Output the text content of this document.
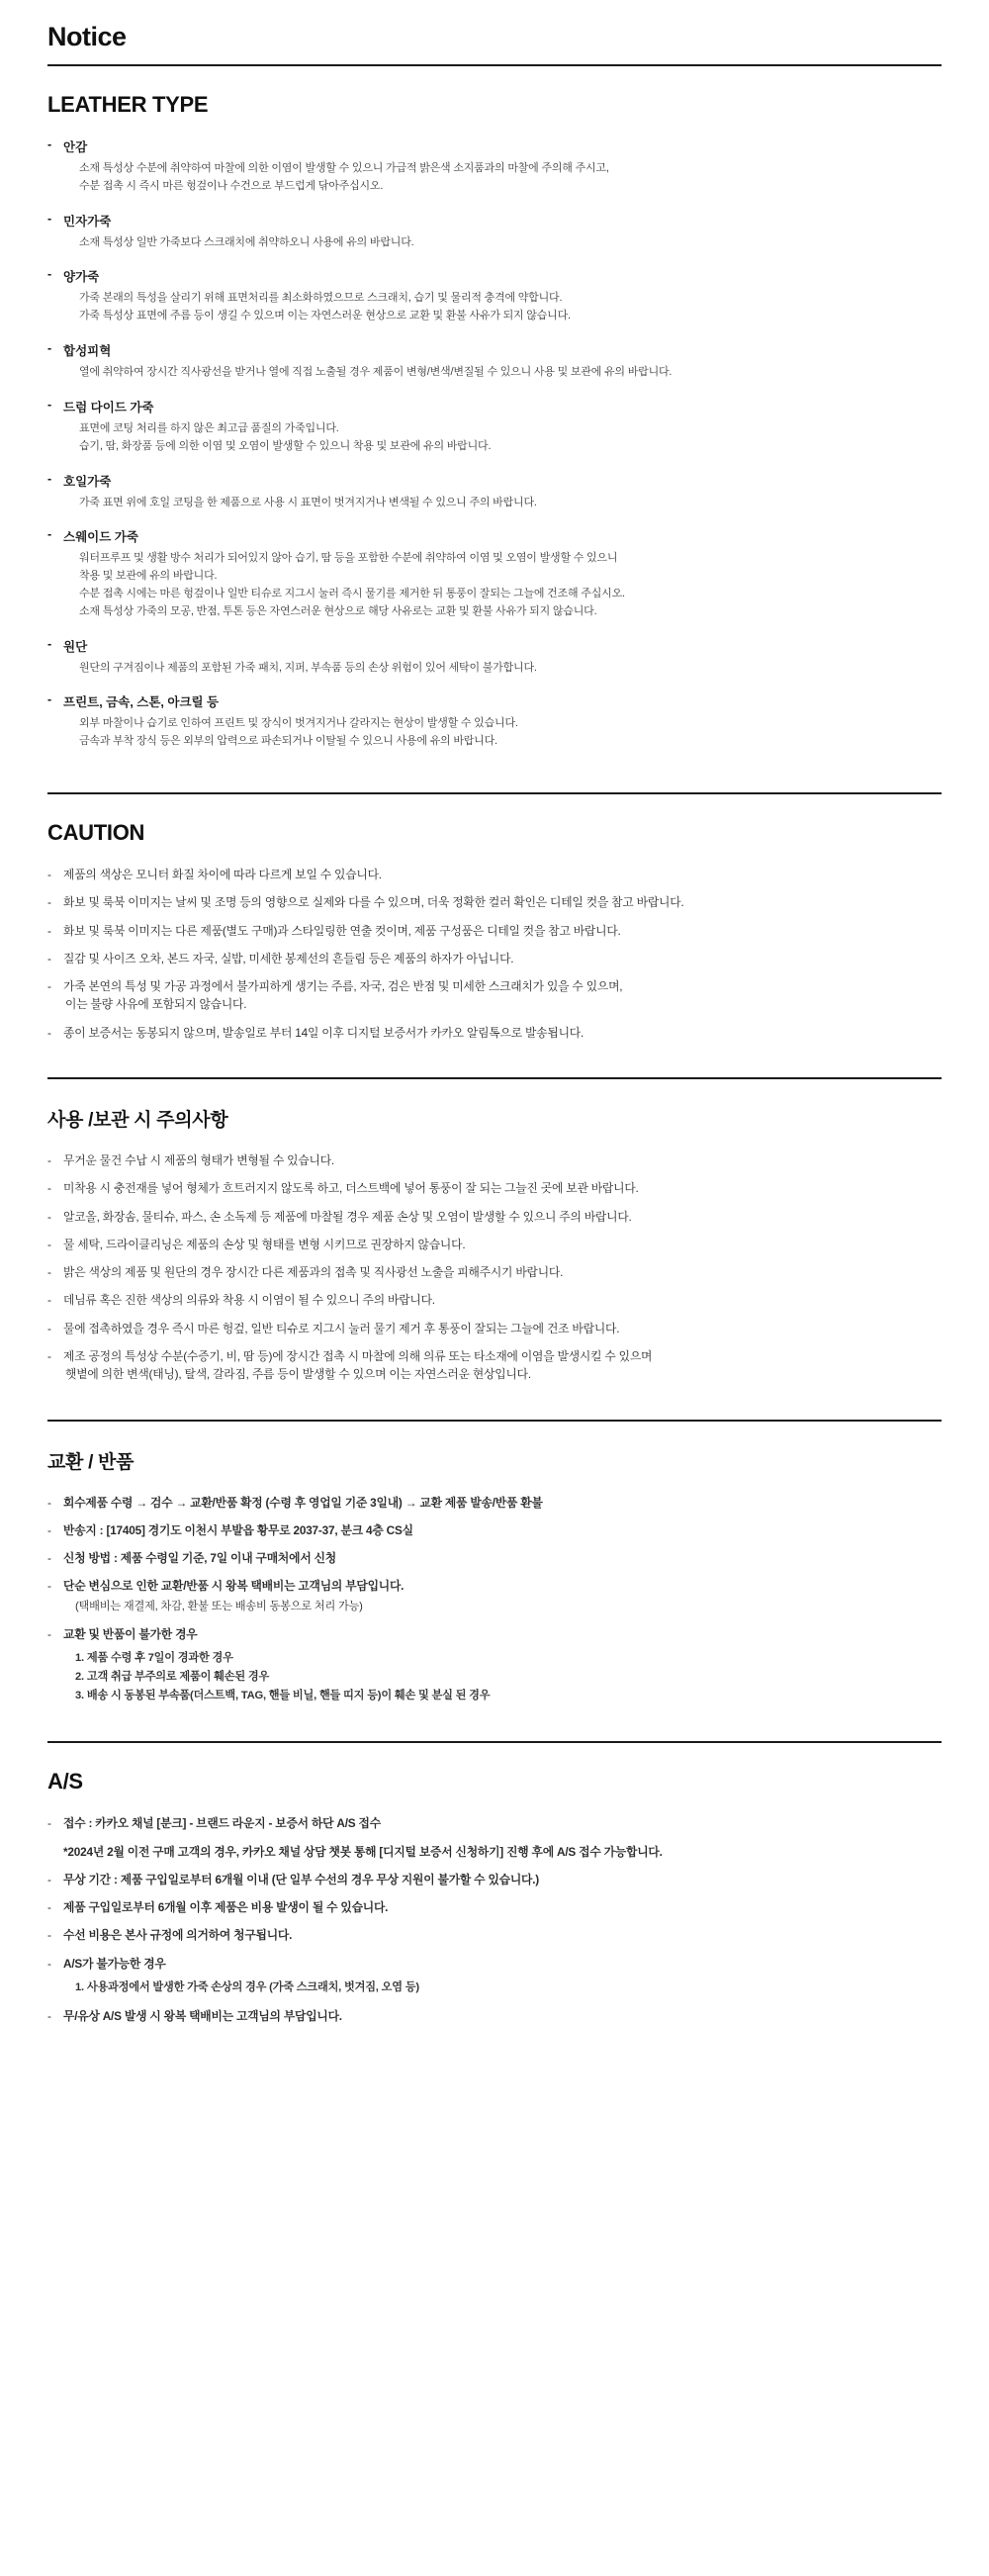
Notice
LEATHER TYPE
- 안감
소재 특성상 수분에 취약하여 마찰에 의한 이염이 발생할 수 있으니 가급적 밝은색 소지품과의 마찰에 주의해 주시고,
수분 접촉 시 즉시 마른 헝겊이나 수건으로 부드럽게 닦아주십시오.
- 민자가죽
소재 특성상 일반 가죽보다 스크래치에 취약하오니 사용에 유의 바랍니다.
- 양가죽
가죽 본래의 특성을 살리기 위해 표면처리를 최소화하였으므로 스크래치, 습기 및 물리적 충격에 약합니다.
가죽 특성상 표면에 주름 등이 생길 수 있으며 이는 자연스러운 현상으로 교환 및 환불 사유가 되지 않습니다.
- 합성피혁
열에 취약하여 장시간 직사광선을 받거나 열에 직접 노출될 경우 제품이 변형/변색/변질될 수 있으니 사용 및 보관에 유의 바랍니다.
- 드럼 다이드 가죽
표면에 코팅 처리를 하지 않은 최고급 품질의 가죽입니다.
습기, 땀, 화장품 등에 의한 이염 및 오염이 발생할 수 있으니 착용 및 보관에 유의 바랍니다.
- 호일가죽
가죽 표면 위에 호일 코팅을 한 제품으로 사용 시 표면이 벗겨지거나 변색될 수 있으니 주의 바랍니다.
- 스웨이드 가죽
워터프루프 및 생활 방수 처리가 되어있지 않아 습기, 땀 등을 포함한 수분에 취약하여 이염 및 오염이 발생할 수 있으니
착용 및 보관에 유의 바랍니다.
수분 접촉 시에는 마른 헝겊이나 일반 티슈로 지그시 눌러 즉시 물기를 제거한 뒤 통풍이 잘되는 그늘에 건조해 주십시오.
소재 특성상 가죽의 모공, 반점, 투톤 등은 자연스러운 현상으로 해당 사유로는 교환 및 환불 사유가 되지 않습니다.
- 원단
원단의 구겨짐이나 제품의 포함된 가죽 패치, 지퍼, 부속품 등의 손상 위험이 있어 세탁이 불가합니다.
- 프린트, 금속, 스톤, 아크릴 등
외부 마찰이나 습기로 인하여 프린트 및 장식이 벗겨지거나 갈라지는 현상이 발생할 수 있습니다.
금속과 부착 장식 등은 외부의 압력으로 파손되거나 이탈될 수 있으니 사용에 유의 바랍니다.
CAUTION
-	제품의 색상은 모니터 화질 차이에 따라 다르게 보일 수 있습니다.
-	화보 및 룩북 이미지는 날씨 및 조명 등의 영향으로 실제와 다를 수 있으며, 더욱 정확한 컬러 확인은 디테일 컷을 참고 바랍니다.
-	화보 및 룩북 이미지는 다른 제품(별도 구매)과 스타일링한 연출 컷이며, 제품 구성품은 디테일 컷을 참고 바랍니다.
-	질감 및 사이즈 오차, 본드 자국, 실밥, 미세한 봉제선의 흔들림 등은 제품의 하자가 아닙니다.
-	가죽 본연의 특성 및 가공 과정에서 불가피하게 생기는 주름, 자국, 검은 반점 및 미세한 스크래치가 있을 수 있으며,
이는 불량 사유에 포함되지 않습니다.
-	종이 보증서는 동봉되지 않으며, 발송일로 부터 14일 이후 디지털 보증서가 카카오 알림톡으로 발송됩니다.
사용 /보관 시 주의사항
-	무거운 물건 수납 시 제품의 형태가 변형될 수 있습니다.
-	미착용 시 충전재를 넣어 형체가 흐트러지지 않도록 하고, 더스트백에 넣어 통풍이 잘 되는 그늘진 곳에 보관 바랍니다.
-	알코올, 화장솜, 물티슈, 파스, 손 소독제 등 제품에 마찰될 경우 제품 손상 및 오염이 발생할 수 있으니 주의 바랍니다.
-	물 세탁, 드라이클리닝은 제품의 손상 및 형태를 변형 시키므로 권장하지 않습니다.
-	밝은 색상의 제품 및 원단의 경우 장시간 다른 제품과의 접촉 및 직사광선 노출을 피해주시기 바랍니다.
-	데님류 혹은 진한 색상의 의류와 착용 시 이염이 될 수 있으니 주의 바랍니다.
-	물에 접촉하였을 경우 즉시 마른 헝겊, 일반 티슈로 지그시 눌러 물기 제거 후 통풍이 잘되는 그늘에 건조 바랍니다.
-	제조 공정의 특성상 수분(수증기, 비, 땀 등)에 장시간 접촉 시 마찰에 의해 의류 또는 타소재에 이염을 발생시킬 수 있으며
햇볕에 의한 변색(태닝), 탈색, 갈라짐, 주름 등이 발생할 수 있으며 이는 자연스러운 현상입니다.
교환 / 반품
-	회수제품 수령 → 검수 → 교환/반품 확정 (수령 후 영업일 기준 3일내) → 교환 제품 발송/반품 환불
-	반송지 : [17405] 경기도 이천시 부발읍 황무로 2037-37, 분크 4층 CS실
-	신청 방법 : 제품 수령일 기준, 7일 이내 구매처에서 신청
-	단순 변심으로 인한 교환/반품 시 왕복 택배비는 고객님의 부담입니다.
(택배비는 재결제, 차감, 환불 또는 배송비 동봉으로 처리 가능)
-	교환 및 반품이 불가한 경우
1. 제품 수령 후 7일이 경과한 경우
2. 고객 취급 부주의로 제품이 훼손된 경우
3. 배송 시 동봉된 부속품(더스트백, TAG, 핸들 비닐, 핸들 띠지 등)이 훼손 및 분실 된 경우
A/S
-	접수 : 카카오 채널 [분크] - 브랜드 라운지 - 보증서 하단 A/S 접수
*2024년 2월 이전 구매 고객의 경우, 카카오 채널 상담 챗봇 통해 [디지털 보증서 신청하기] 진행 후에 A/S 접수 가능합니다.
-	무상 기간 : 제품 구입일로부터 6개월 이내 (단 일부 수선의 경우 무상 지원이 불가할 수 있습니다.)
-	제품 구입일로부터 6개월 이후 제품은 비용 발생이 될 수 있습니다.
-	수선 비용은 본사 규정에 의거하여 청구됩니다.
-	A/S가 불가능한 경우
1. 사용과정에서 발생한 가죽 손상의 경우 (가죽 스크래치, 벗겨짐, 오염 등)
-	무/유상 A/S 발생 시 왕복 택배비는 고객님의 부담입니다.
